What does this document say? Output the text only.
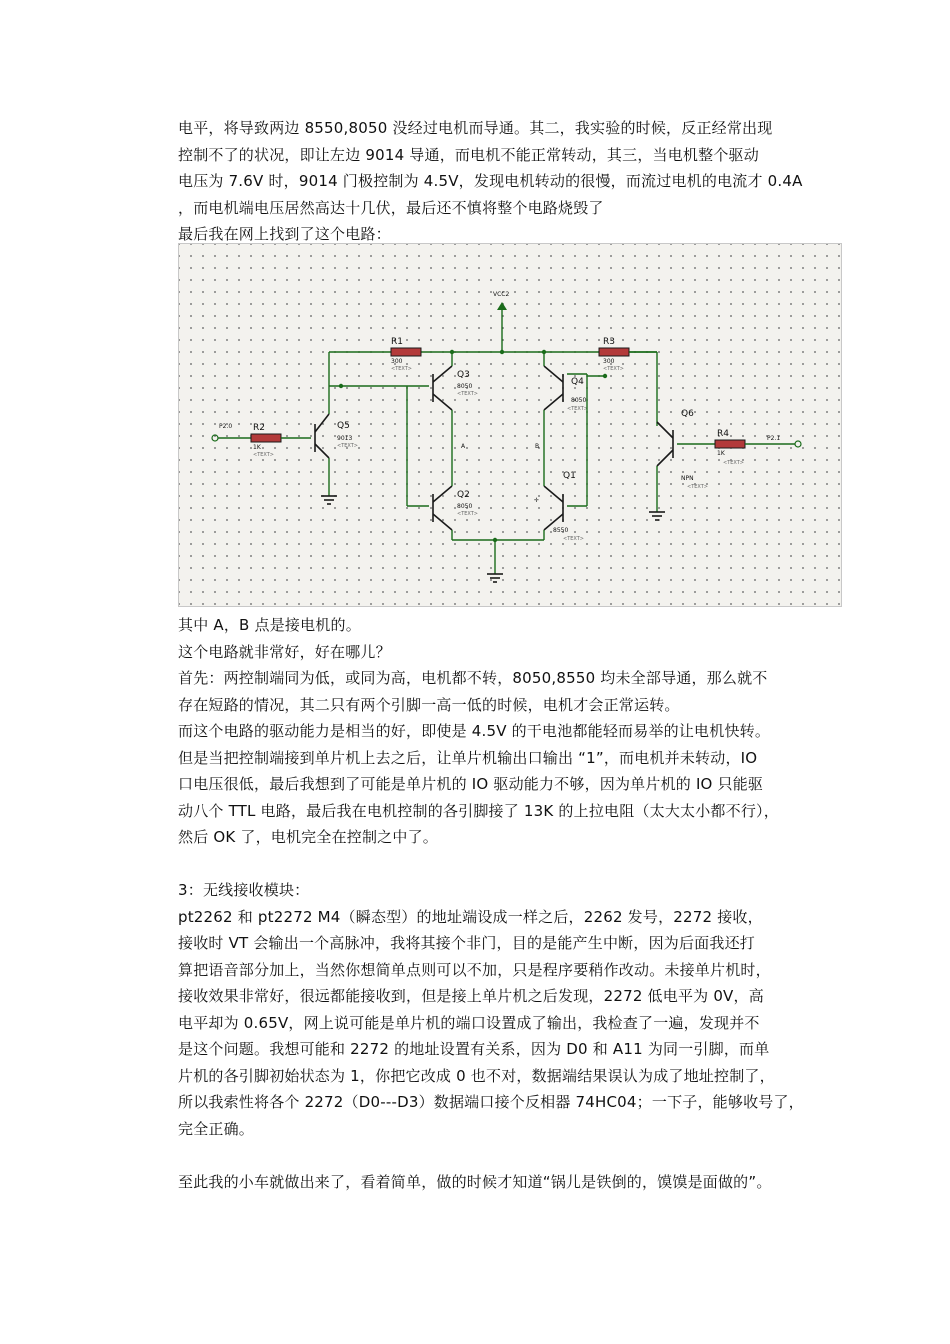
电平，将导致两边 8550,8050 没经过电机而导通。其二，我实验的时候，反正经常出现
控制不了的状况，即让左边 9014 导通，而电机不能正常转动，其三，当电机整个驱动
电压为 7.6V 时，9014 门极控制为 4.5V，发现电机转动的很慢，而流过电机的电流才 0.4A
，而电机端电压居然高达十几伏，最后还不慎将整个电路烧毁了
最后我在网上找到了这个电路：
VCC2
R1
300
<TEXT>
R3
300
<TEXT>
P2.0 R2
1K
<TEXT>
Q5
9013
<TEXT>
Q3
8050
<TEXT>
Q2
8050
<TEXT>
A
Q4
8050
<TEXT>
Q1
8550
<TEXT>
B
✛
Q6
NPN
<TEXT>
R4
1K
<TEXT>
P2.1
其中 A，B 点是接电机的。
这个电路就非常好，好在哪儿？
首先：两控制端同为低，或同为高，电机都不转，8050,8550 均未全部导通，那么就不
存在短路的情况，其二只有两个引脚一高一低的时候，电机才会正常运转。
而这个电路的驱动能力是相当的好，即使是 4.5V 的干电池都能轻而易举的让电机快转。
但是当把控制端接到单片机上去之后，让单片机输出口输出 “1”，而电机并未转动，IO
口电压很低，最后我想到了可能是单片机的 IO 驱动能力不够，因为单片机的 IO 只能驱
动八个 TTL 电路，最后我在电机控制的各引脚接了 13K 的上拉电阻（太大太小都不行），
然后 OK 了，电机完全在控制之中了。
3：无线接收模块：
pt2262 和 pt2272 M4（瞬态型）的地址端设成一样之后，2262 发号，2272 接收，
接收时 VT 会输出一个高脉冲，我将其接个非门，目的是能产生中断，因为后面我还打
算把语音部分加上，当然你想简单点则可以不加，只是程序要稍作改动。未接单片机时，
接收效果非常好，很远都能接收到，但是接上单片机之后发现，2272 低电平为 0V，高
电平却为 0.65V，网上说可能是单片机的端口设置成了输出，我检查了一遍，发现并不
是这个问题。我想可能和 2272 的地址设置有关系，因为 D0 和 A11 为同一引脚，而单
片机的各引脚初始状态为 1，你把它改成 0 也不对，数据端结果误认为成了地址控制了，
所以我索性将各个 2272（D0---D3）数据端口接个反相器 74HC04；一下子，能够收号了，
完全正确。
至此我的小车就做出来了，看着简单，做的时候才知道“锅儿是铁倒的，馍馍是面做的”。
